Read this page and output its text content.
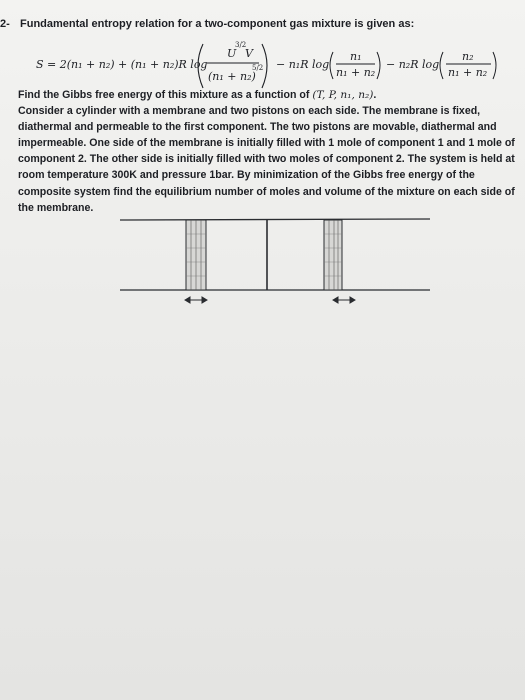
2- Fundamental entropy relation for a two-component gas mixture is given as:
S = 2(n₁ + n₂) + (n₁ + n₂)R log
U
3/2
V
(n₁ + n₂)
5/2 − n₁R log
n₁
n₁ + n₂
− n₂R log
n₂
n₁ + n₂

Find the Gibbs free energy of this mixture as a function of (T, P, n₁, n₂).

Consider a cylinder with a membrane and two pistons on each side. The membrane is fixed, diathermal and permeable to the first component. The two pistons are movable, diathermal and impermeable. One side of the membrane is initially filled with 1 mole of component 1 and 1 mole of component 2. The other side is initially filled with two moles of component 2. The system is held at room temperature 300K and pressure 1bar. By minimization of the Gibbs free energy of the composite system find the equilibrium number of moles and volume of the mixture on each side of the membrane.
